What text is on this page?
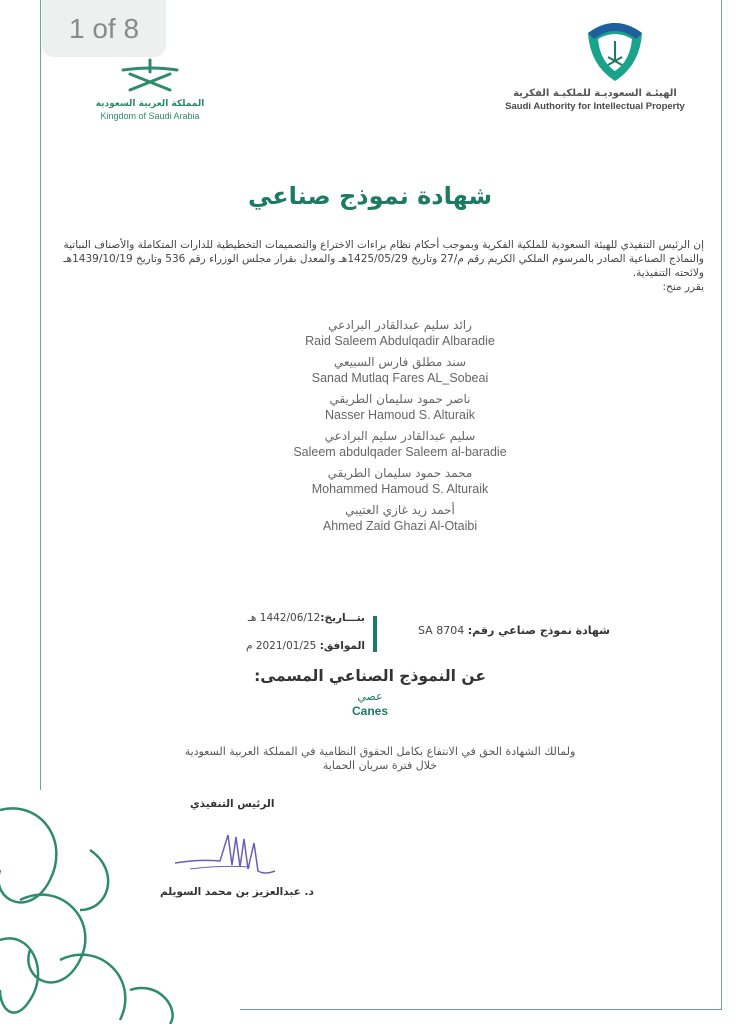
1 of 8
المملكة العربية السعودية
Kingdom of Saudi Arabia
الهيئـة السعوديـة للملكيـة الفكرية
Saudi Authority for Intellectual Property
شهادة نموذج صناعي
إن الرئيس التنفيذي للهيئة السعودية للملكية الفكرية وبموجب أحكام نظام براءات الاختراع والتصميمات التخطيطية للدارات المتكاملة والأصناف النباتية والنماذج الصناعية الصادر بالمرسوم الملكي الكريم رقم م/27 وتاريخ 1425/05/29هـ والمعدل بقرار مجلس الوزراء رقم 536 وتاريخ 1439/10/19هـ ولائحته التنفيذية.
يقرر منح:
رائد سليم عبدالقادر البرادعي
Raid Saleem Abdulqadir Albaradie
سند مطلق فارس السبيعي
Sanad Mutlaq Fares AL_Sobeai
ناصر حمود سليمان الطريقي
Nasser Hamoud S. Alturaik
سليم عبدالقادر سليم البرادعي
Saleem abdulqader Saleem al-baradie
محمد حمود سليمان الطريقي
Mohammed Hamoud S. Alturaik
أحمد زيد غازي العتيبي
Ahmed Zaid Ghazi Al-Otaibi
شهادة نموذج صناعي رقم:
SA 8704
بتـــاريخ:1442/06/12 هـ
الموافق: 2021/01/25 م
عن النموذج الصناعي المسمى:
عصي
Canes
ولمالك الشهادة الحق في الانتفاع بكامل الحقوق النظامية في المملكة العربية السعودية
خلال فترة سريان الحماية
الرئيس التنفيذي
د. عبدالعزيز بن محمد السويلم
